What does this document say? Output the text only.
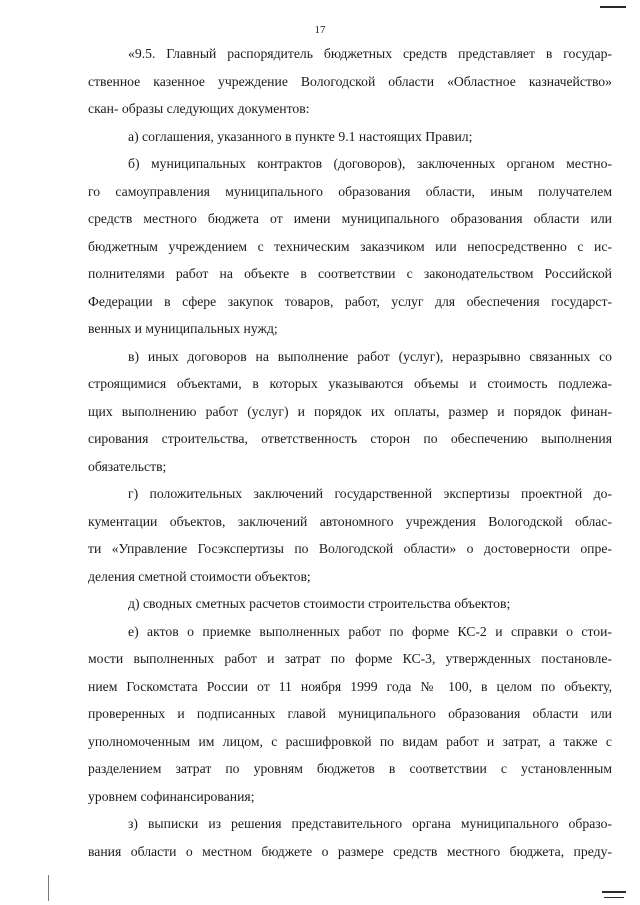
17
«9.5. Главный распорядитель бюджетных средств представляет в государ-
ственное казенное учреждение Вологодской области «Областное казначейство»
скан- образы следующих документов:
а) соглашения, указанного в пункте 9.1 настоящих Правил;
б) муниципальных контрактов (договоров), заключенных органом местно-
го самоуправления муниципального образования области, иным получателем
средств местного бюджета от имени муниципального образования области или
бюджетным учреждением с техническим заказчиком или непосредственно с ис-
полнителями работ на объекте в соответствии с законодательством Российской
Федерации в сфере закупок товаров, работ, услуг для обеспечения государст-
венных и муниципальных нужд;
в) иных договоров на выполнение работ (услуг), неразрывно связанных со
строящимися объектами, в которых указываются объемы и стоимость подлежа-
щих выполнению работ (услуг) и порядок их оплаты, размер и порядок финан-
сирования строительства, ответственность сторон по обеспечению выполнения
обязательств;
г) положительных заключений государственной экспертизы проектной до-
кументации объектов, заключений автономного учреждения Вологодской облас-
ти «Управление Госэкспертизы по Вологодской области» о достоверности опре-
деления сметной стоимости объектов;
д) сводных сметных расчетов стоимости строительства объектов;
е) актов о приемке выполненных работ по форме КС-2 и справки о стои-
мости выполненных работ и затрат по форме КС-3, утвержденных постановле-
нием Госкомстата России от 11 ноября 1999 года № 100, в целом по объекту,
проверенных и подписанных главой муниципального образования области или
уполномоченным им лицом, с расшифровкой по видам работ и затрат, а также с
разделением затрат по уровням бюджетов в соответствии с установленным
уровнем софинансирования;
з) выписки из решения представительного органа муниципального образо-
вания области о местном бюджете о размере средств местного бюджета, преду-
